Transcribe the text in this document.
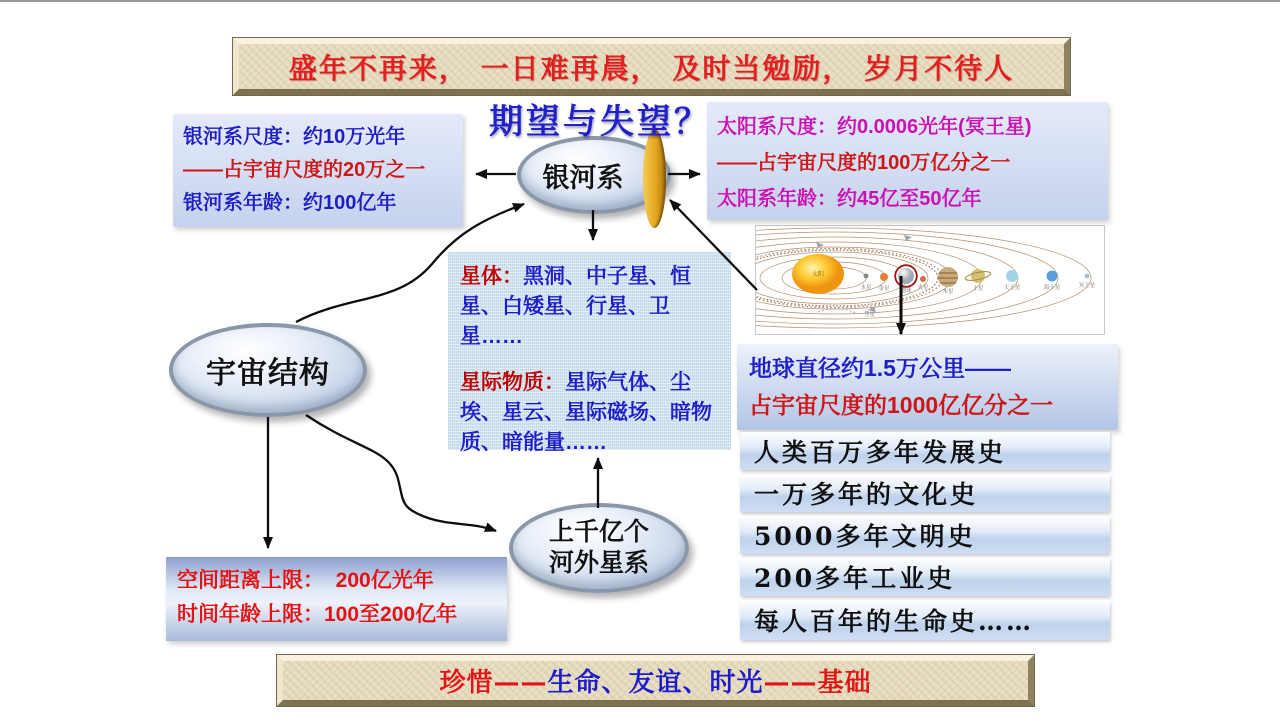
盛年不再来， 一日难再晨， 及时当勉励， 岁月不待人
期望与失望？
银河系尺度：约10万光年
——占宇宙尺度的20万之一
银河系年龄：约100亿年
银河系
太阳系尺度：约0.0006光年(冥王星)
——占宇宙尺度的100万亿分之一
太阳系年龄：约45亿至50亿年
太阳
水星 金星 地球 火星
木星	土星	天王星	海王星	冥王星
彗星

星体：黑洞、中子星、恒星、白矮星、行星、卫星……

星际物质：星际气体、尘埃、星云、星际磁场、暗物质、暗能量……

宇宙结构	地球直径约1.5万公里——
占宇宙尺度的1000亿亿分之一
人类百万多年发展史
一万多年的文化史
5000多年文明史
200多年工业史
每人百年的生命史……
上千亿个
河外星系
空间距离上限：  200亿光年
时间年龄上限：100至200亿年
珍惜—— 生命、友谊、时光 ——基础
